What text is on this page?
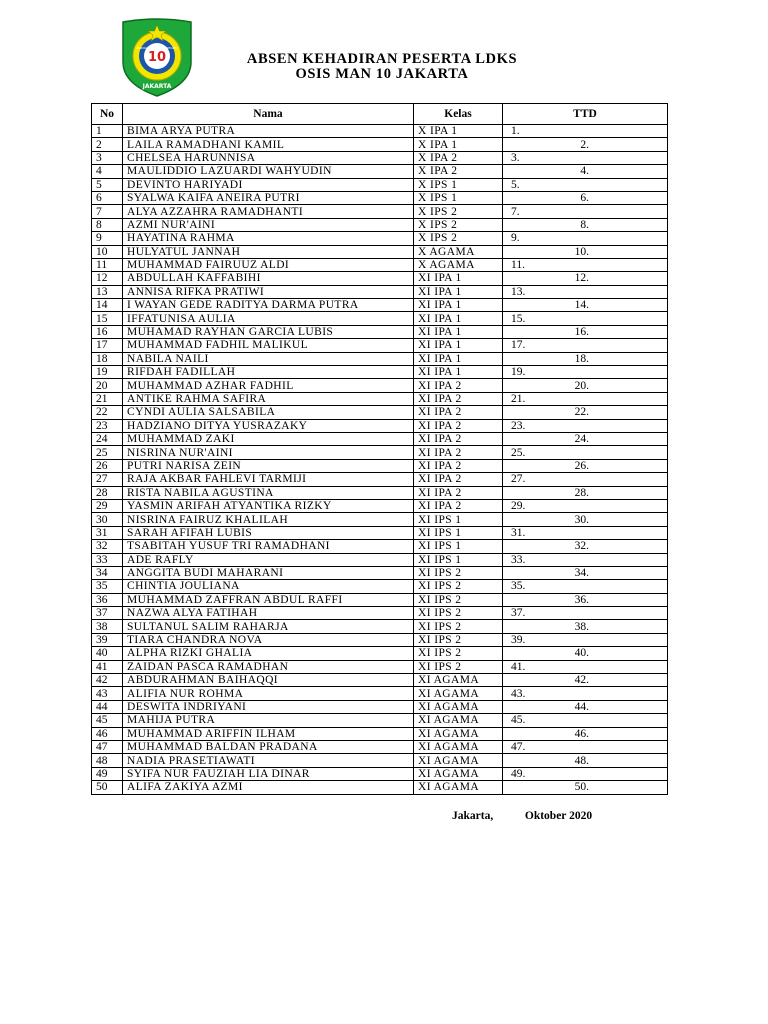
10
MADRASAH ALIYAH NEGERI
JAKARTA
ABSEN KEHADIRAN PESERTA LDKS
OSIS MAN 10 JAKARTA
No	Nama	Kelas	TTD
1	BIMA ARYA PUTRA	X IPA 1	1.
2	LAILA RAMADHANI KAMIL	X IPA 1	2.
3	CHELSEA HARUNNISA	X IPA 2	3.
4	MAULIDDIO LAZUARDI WAHYUDIN	X IPA 2	4.
5	DEVINTO HARIYADI	X IPS 1	5.
6	SYALWA KAIFA ANEIRA PUTRI	X IPS 1	6.
7	ALYA AZZAHRA RAMADHANTI	X IPS 2	7.
8	AZMI NUR'AINI	X IPS 2	8.
9	HAYATINA RAHMA	X IPS 2	9.
10	HULYATUL JANNAH	X AGAMA	10.
11	MUHAMMAD FAIRUUZ ALDI	X AGAMA	11.
12	ABDULLAH KAFFABIHI	XI IPA 1	12.
13	ANNISA RIFKA PRATIWI	XI IPA 1	13.
14	I WAYAN GEDE RADITYA DARMA PUTRA	XI IPA 1	14.
15	IFFATUNISA AULIA	XI IPA 1	15.
16	MUHAMAD RAYHAN GARCIA LUBIS	XI IPA 1	16.
17	MUHAMMAD FADHIL MALIKUL	XI IPA 1	17.
18	NABILA NAILI	XI IPA 1	18.
19	RIFDAH FADILLAH	XI IPA 1	19.
20	MUHAMMAD AZHAR FADHIL	XI IPA 2	20.
21	ANTIKE RAHMA SAFIRA	XI IPA 2	21.
22	CYNDI AULIA SALSABILA	XI IPA 2	22.
23	HADZIANO DITYA YUSRAZAKY	XI IPA 2	23.
24	MUHAMMAD ZAKI	XI IPA 2	24.
25	NISRINA NUR'AINI	XI IPA 2	25.
26	PUTRI NARISA ZEIN	XI IPA 2	26.
27	RAJA AKBAR FAHLEVI TARMIJI	XI IPA 2	27.
28	RISTA NABILA AGUSTINA	XI IPA 2	28.
29	YASMIN ARIFAH ATYANTIKA RIZKY	XI IPA 2	29.
30	NISRINA FAIRUZ KHALILAH	XI IPS 1	30.
31	SARAH AFIFAH LUBIS	XI IPS 1	31.
32	TSABITAH YUSUF TRI RAMADHANI	XI IPS 1	32.
33	ADE RAFLY	XI IPS 1	33.
34	ANGGITA BUDI MAHARANI	XI IPS 2	34.
35	CHINTIA JOULIANA	XI IPS 2	35.
36	MUHAMMAD ZAFFRAN ABDUL RAFFI	XI IPS 2	36.
37	NAZWA ALYA FATIHAH	XI IPS 2	37.
38	SULTANUL SALIM RAHARJA	XI IPS 2	38.
39	TIARA CHANDRA NOVA	XI IPS 2	39.
40	ALPHA RIZKI GHALIA	XI IPS 2	40.
41	ZAIDAN PASCA RAMADHAN	XI IPS 2	41.
42	ABDURAHMAN BAIHAQQI	XI AGAMA	42.
43	ALIFIA NUR ROHMA	XI AGAMA	43.
44	DESWITA INDRIYANI	XI AGAMA	44.
45	MAHIJA PUTRA	XI AGAMA	45.
46	MUHAMMAD ARIFFIN ILHAM	XI AGAMA	46.
47	MUHAMMAD BALDAN PRADANA	XI AGAMA	47.
48	NADIA PRASETIAWATI	XI AGAMA	48.
49	SYIFA NUR FAUZIAH LIA DINAR	XI AGAMA	49.
50	ALIFA ZAKIYA AZMI	XI AGAMA	50.
Jakarta,	Oktober 2020
